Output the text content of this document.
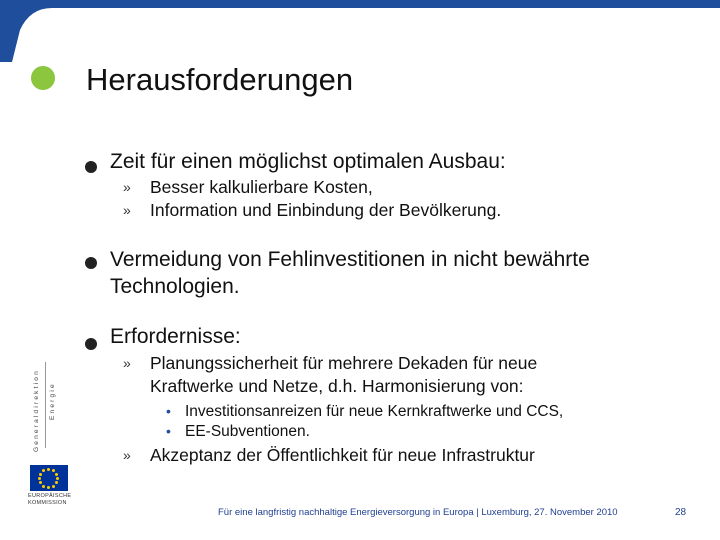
Herausforderungen
Zeit für einen möglichst optimalen Ausbau:
» Besser kalkulierbare Kosten,
» Information und Einbindung der Bevölkerung.
Vermeidung von Fehlinvestitionen in nicht bewährte
Technologien.
Erfordernisse:
» Planungssicherheit für mehrere Dekaden für neue
Kraftwerke und Netze, d.h. Harmonisierung von:
• Investitionsanreizen für neue Kernkraftwerke und CCS,
• EE-Subventionen.
» Akzeptanz der Öffentlichkeit für neue Infrastruktur
Generaldirektion Energie
EUROPÄISCHE
KOMMISSION
Für eine langfristig nachhaltige Energieversorgung in Europa | Luxemburg, 27. November 2010	28
